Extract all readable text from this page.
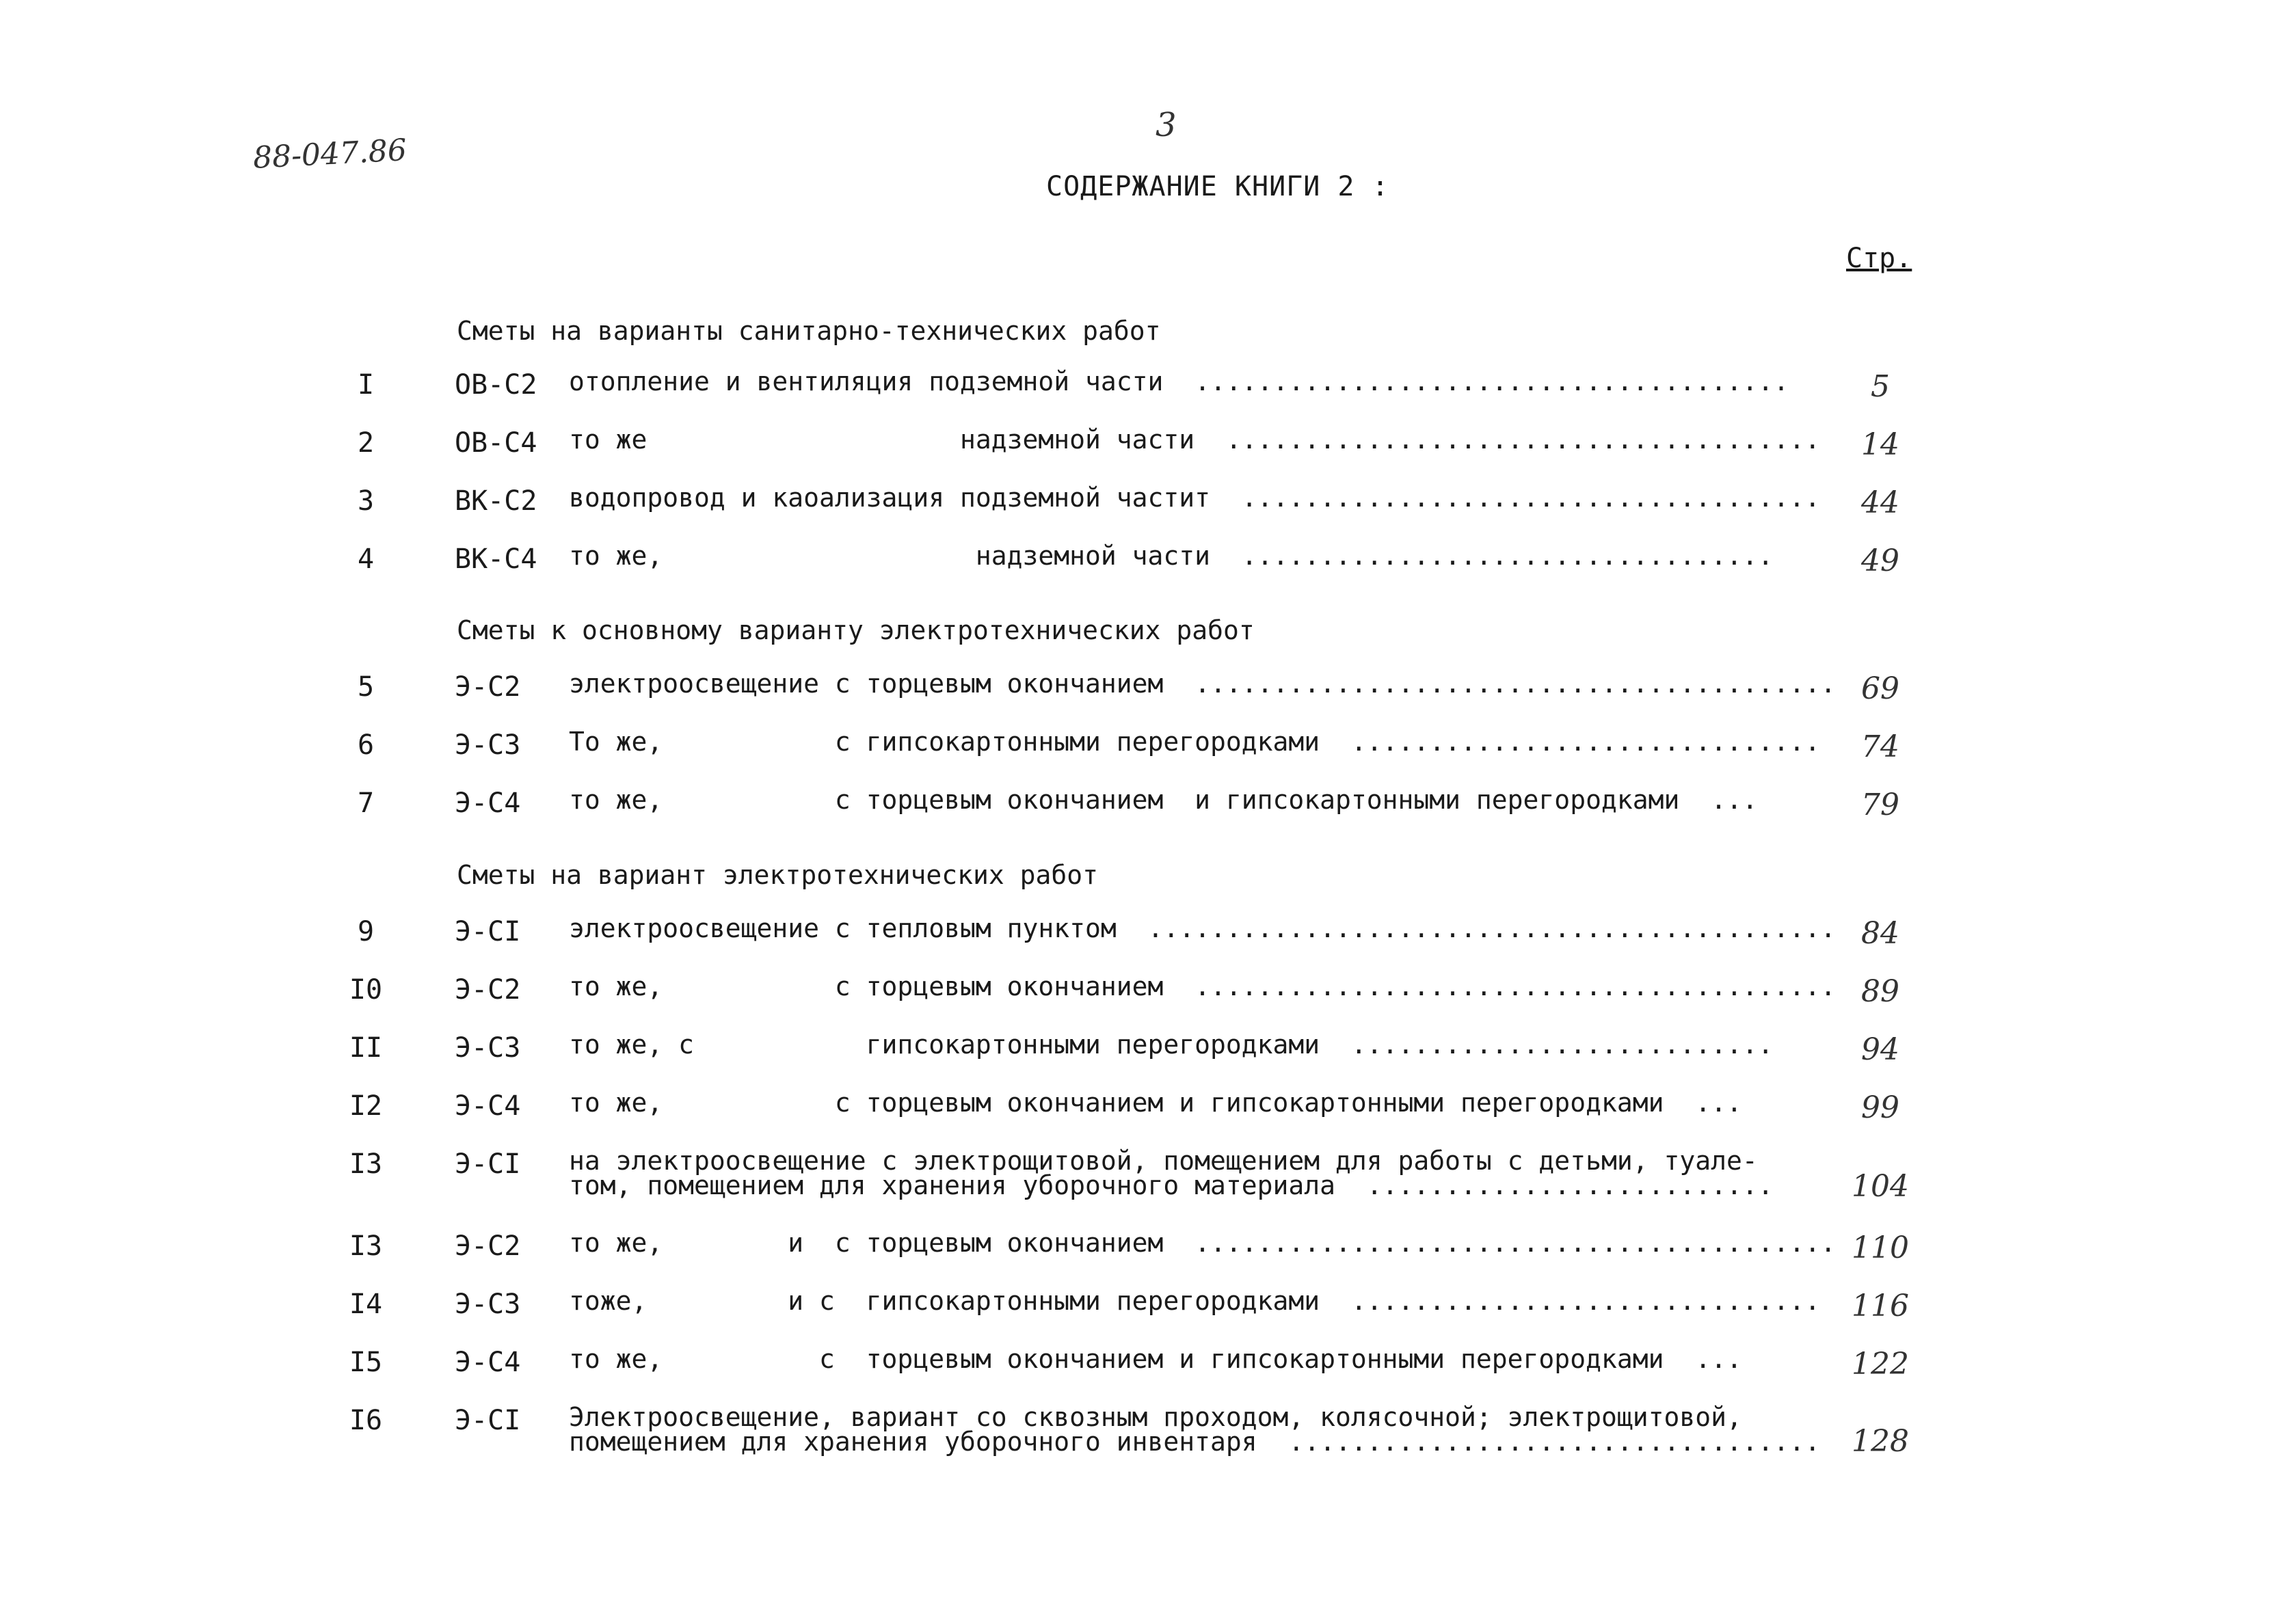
88-047.86
3
СОДЕРЖАНИЕ КНИГИ 2 :
Стр.
Сметы на варианты санитарно-технических работ
I	ОВ-С2 отопление и вентиляция подземной части  ......................................	5
2	ОВ-С4 то же                    надземной части  ......................................	14
3	ВК-С2 водопровод и каоализация подземной частит  .....................................	44
4	ВК-С4 то же,                    надземной части  ..................................	49
Сметы к основному варианту электротехнических работ
5	Э-С2 электроосвещение с торцевым окончанием  ......................................... 69
6	Э-С3 То же,           с гипсокартонными перегородками  ..............................	74
7	Э-С4 то же,           с торцевым окончанием  и гипсокартонными перегородками  ...	79
Сметы на вариант электротехнических работ
9	Э-СI электроосвещение с тепловым пунктом  ............................................ 84
I0	Э-С2 то же,           с торцевым окончанием  ......................................... 89
II	Э-С3 то же, с           гипсокартонными перегородками  ...........................	94
I2	Э-С4 то же,           с торцевым окончанием и гипсокартонными перегородками  ...	99
I3	Э-СI на электроосвещение с электрощитовой, помещением для работы с детьми, туале-
том, помещением для хранения уборочного материала  ..........................	104
I3	Э-С2 то же,        и  с торцевым окончанием  ......................................... 110
I4	Э-С3 тоже,         и с  гипсокартонными перегородками  ..............................	116
I5	Э-С4 то же,          с  торцевым окончанием и гипсокартонными перегородками  ...	122
I6	Э-СI Электроосвещение, вариант со сквозным проходом, колясочной; электрощитовой,
помещением для хранения уборочного инвентаря  ..................................	128
